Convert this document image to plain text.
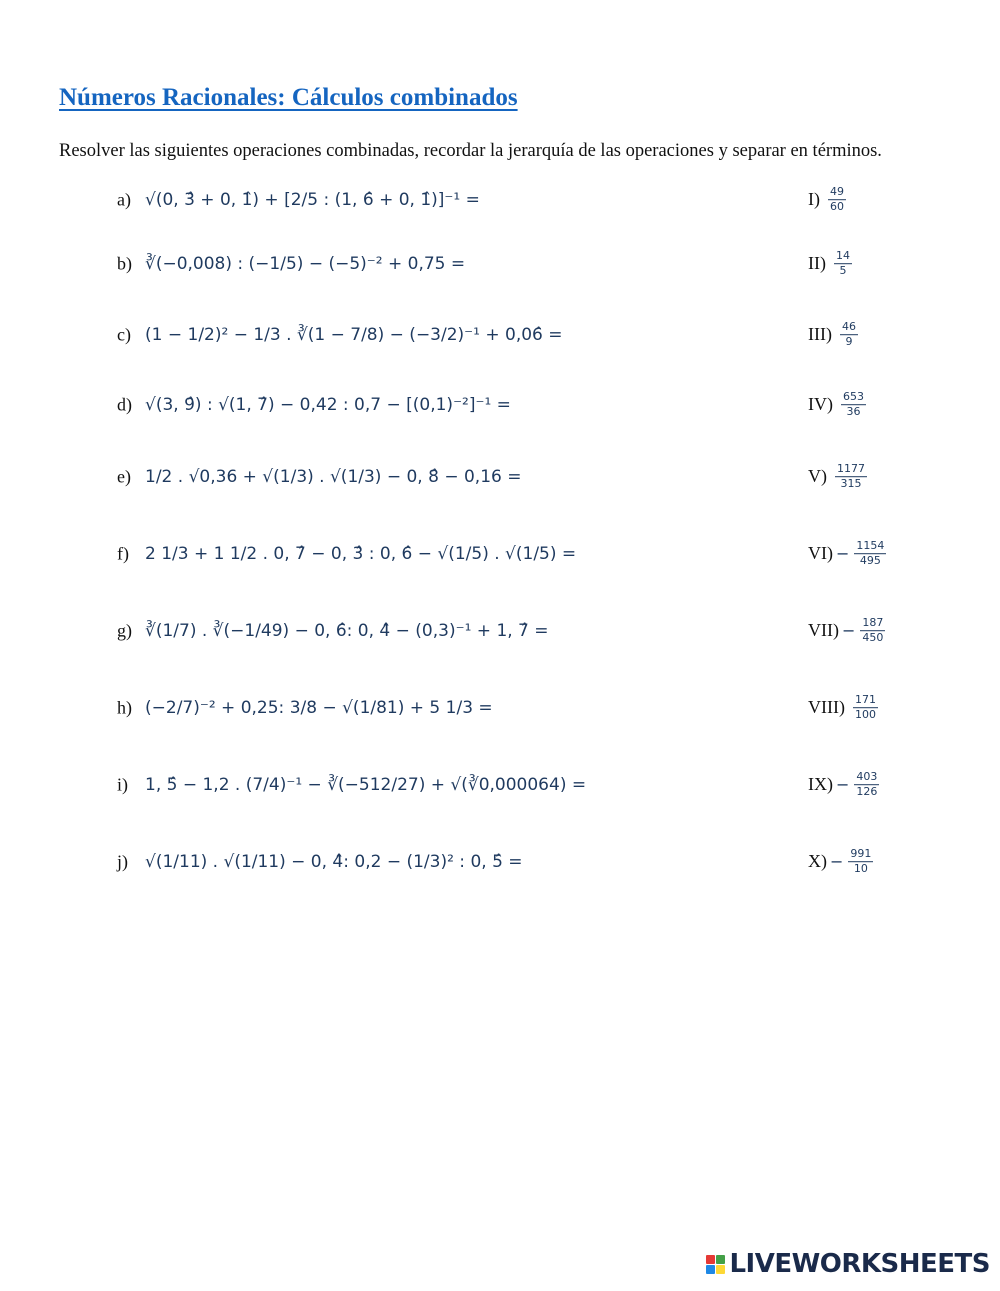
Números Racionales: Cálculos combinados

Resolver las siguientes operaciones combinadas, recordar la jerarquía de las operaciones y separar en términos.

a) √(0, 3̂ + 0, 1̂) + [2/5 : (1, 6̂ + 0, 1̂)]⁻¹ =	$I) \frac{49}{60}$
b) ∛(−0,008) : (−1/5) − (−5)⁻² + 0,75 =	$II) \frac{14}{5}$
c) (1 − 1/2)² − 1/3 . ∛(1 − 7/8) − (−3/2)⁻¹ + 0,06̂ =	$III) \frac{46}{9}$
d) √(3, 9̂) : √(1, 7̂) − 0,42 : 0,7 − [(0,1)⁻²]⁻¹ =	$IV) \frac{653}{36}$
e) 1/2 . √0,36 + √(1/3) . √(1/3) − 0, 8̂ − 0,16 =	$V) \frac{1177}{315}$
f) 2 1/3 + 1 1/2 . 0, 7̂ − 0, 3̂ : 0, 6̂ − √(1/5) . √(1/5) =	$VI) - \frac{1154}{495}$
g) ∛(1/7) . ∛(−1/49) − 0, 6̂: 0, 4̂ − (0,3)⁻¹ + 1, 7̂ =	$VII) - \frac{187}{450}$
h) (−2/7)⁻² + 0,25: 3/8 − √(1/81) + 5 1/3 =	VIII) $\frac{171}{100}$
i) 1, 5̂ − 1,2 . (7/4)⁻¹ − ∛(−512/27) + √(∛0,000064) =	$IX) - \frac{403}{126}$
j) √(1/11) . √(1/11) − 0, 4̂: 0,2 − (1/3)² : 0, 5̂ =	$X) - \frac{991}{10}$
LIVEWORKSHEETS
